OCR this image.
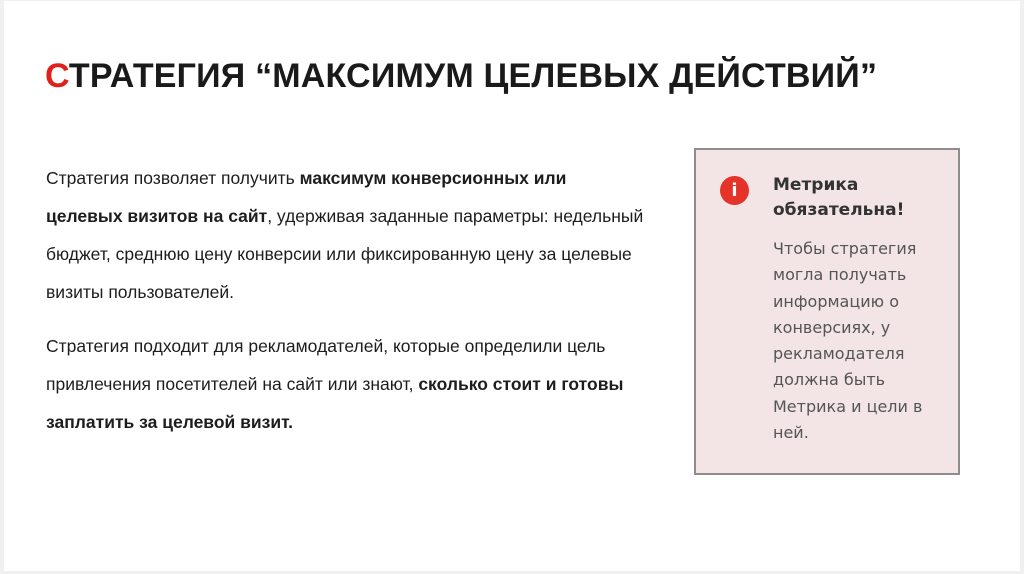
СТРАТЕГИЯ “МАКСИМУМ ЦЕЛЕВЫХ ДЕЙСТВИЙ”

Стратегия позволяет получить максимум конверсионных или целевых визитов на сайт, удерживая заданные параметры: недельный бюджет, среднюю цену конверсии или фиксированную цену за целевые визиты пользователей.

Стратегия подходит для рекламодателей, которые определили цель привлечения посетителей на сайт или знают, сколько стоит и готовы заплатить за целевой визит.

i	Метрика обязательна!
Чтобы стратегия могла получать информацию о конверсиях, у рекламодателя должна быть Метрика и цели в ней.
